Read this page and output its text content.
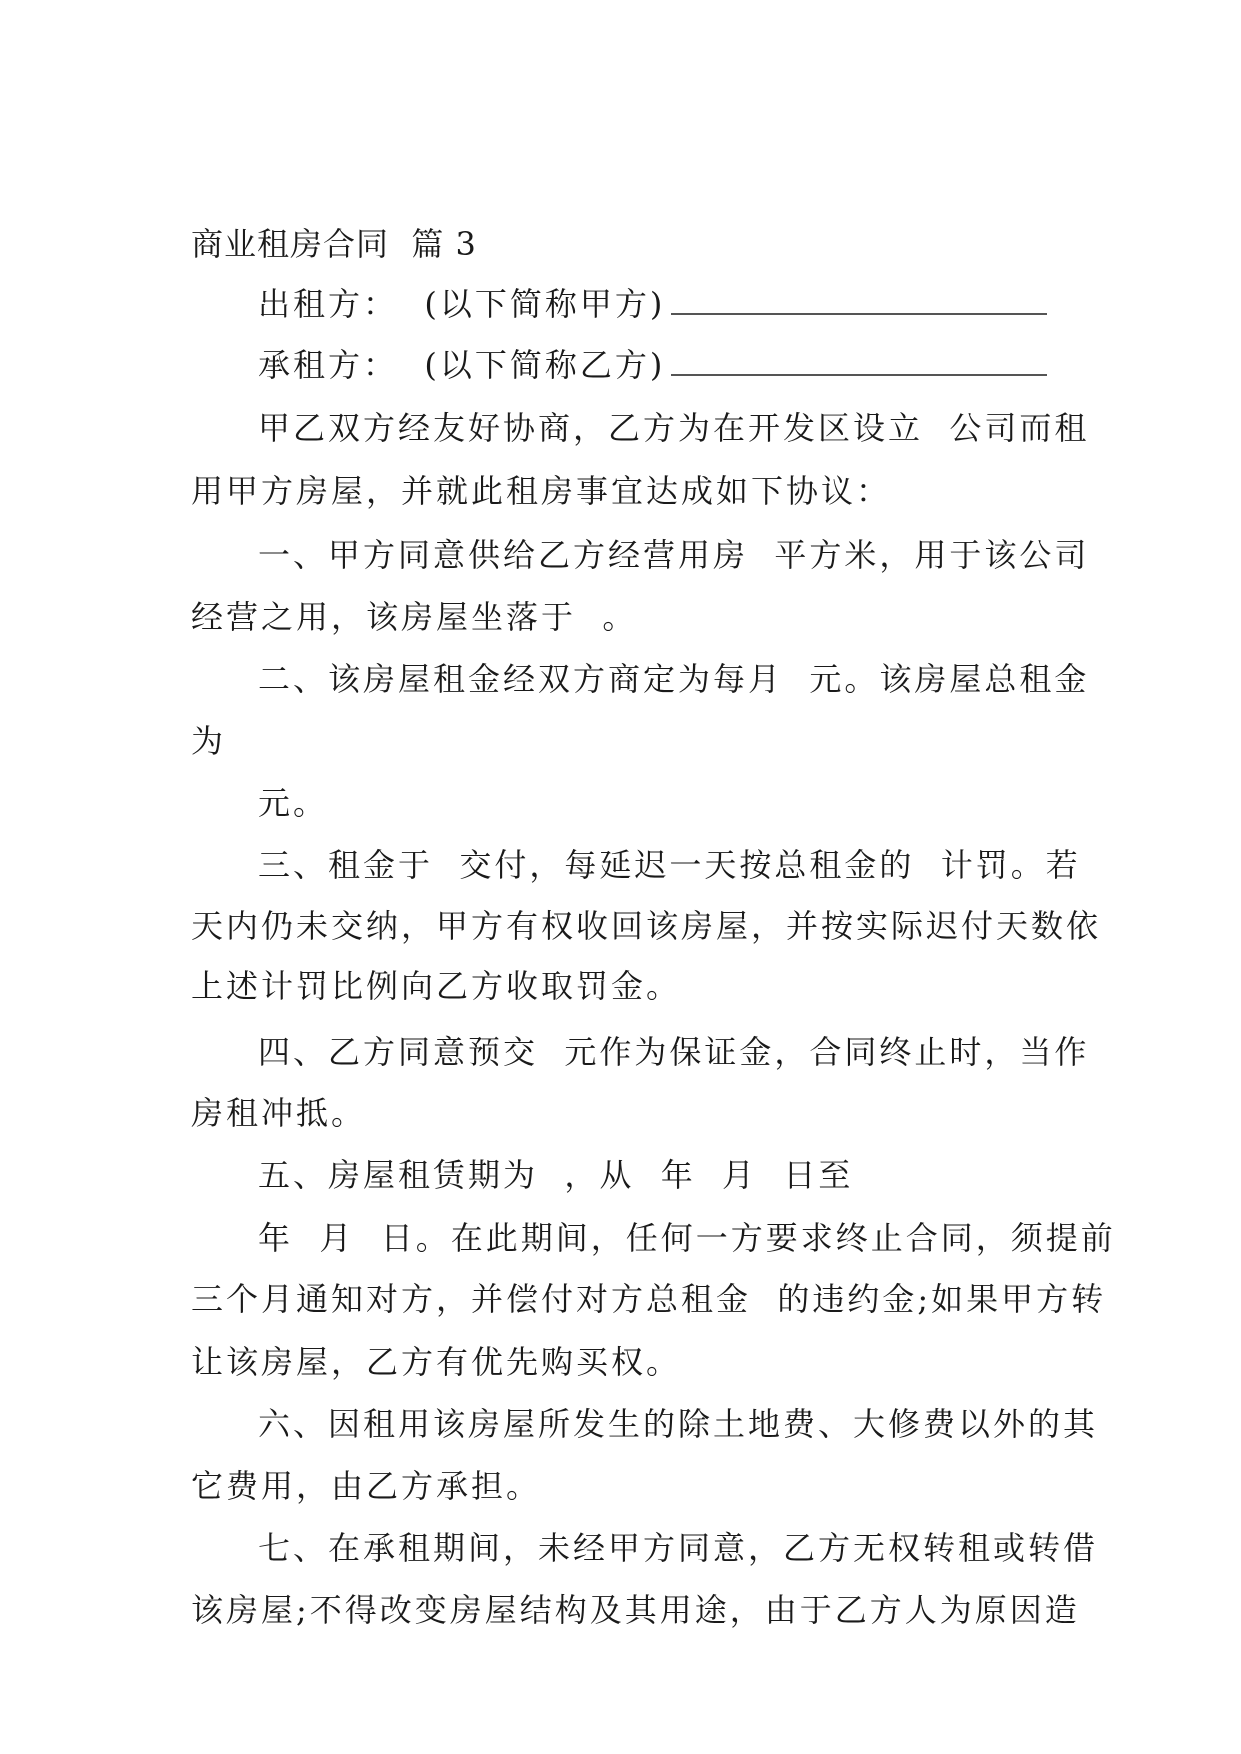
商业租房合同  篇 3
出租方：  (以下简称甲方)
承租方：  (以下简称乙方)
甲乙双方经友好协商，乙方为在开发区设立  公司而租
用甲方房屋，并就此租房事宜达成如下协议：
一、甲方同意供给乙方经营用房  平方米，用于该公司
经营之用，该房屋坐落于  。
二、该房屋租金经双方商定为每月  元。该房屋总租金
为
元。
三、租金于  交付，每延迟一天按总租金的  计罚。若
天内仍未交纳，甲方有权收回该房屋，并按实际迟付天数依
上述计罚比例向乙方收取罚金。
四、乙方同意预交  元作为保证金，合同终止时，当作
房租冲抵。
五、房屋租赁期为  ，从  年  月  日至
年  月  日。在此期间，任何一方要求终止合同，须提前
三个月通知对方，并偿付对方总租金  的违约金;如果甲方转
让该房屋，乙方有优先购买权。
六、因租用该房屋所发生的除土地费、大修费以外的其
它费用，由乙方承担。
七、在承租期间，未经甲方同意，乙方无权转租或转借
该房屋;不得改变房屋结构及其用途，由于乙方人为原因造
